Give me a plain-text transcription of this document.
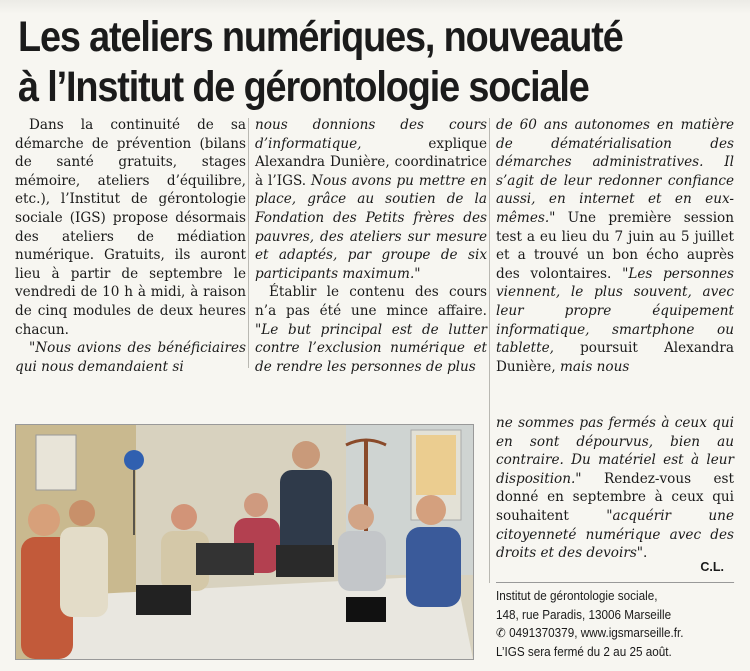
Les ateliers numériques, nouveauté
à l’Institut de gérontologie sociale

Dans la continuité de sa démarche de prévention (bilans de santé gratuits, stages mémoire, ateliers d’équilibre, etc.), l’Institut de gérontologie sociale (IGS) propose désormais des ateliers de médiation numérique. Gratuits, ils auront lieu à partir de septembre le vendredi de 10 h à midi, à raison de cinq modules de deux heures chacun.

"Nous avions des bénéficiaires qui nous demandaient si

nous donnions des cours d’informatique, explique Alexandra Dunière, coordinatrice à l’IGS. Nous avons pu mettre en place, grâce au soutien de la Fondation des Petits frères des pauvres, des ateliers sur mesure et adaptés, par groupe de six participants maximum."

Établir le contenu des cours n’a pas été une mince affaire. "Le but principal est de lutter contre l’exclusion numérique et de rendre les personnes de plus

de 60 ans autonomes en matière de dématérialisation des démarches administratives. Il s’agit de leur redonner confiance aussi, en internet et en eux-mêmes." Une première session test a eu lieu du 7 juin au 5 juillet et a trouvé un bon écho auprès des volontaires. "Les personnes viennent, le plus souvent, avec leur propre équipement informatique, smartphone ou tablette, poursuit Alexandra Dunière, mais nous

ne sommes pas fermés à ceux qui en sont dépourvus, bien au contraire. Du matériel est à leur disposition." Rendez-vous est donné en septembre à ceux qui souhaitent "acquérir une citoyenneté numérique avec des droits et des devoirs".

C.L.
Institut de gérontologie sociale,
148, rue Paradis, 13006 Marseille
✆ 0491370379, www.igsmarseille.fr.
L’IGS sera fermé du 2 au 25 août.
